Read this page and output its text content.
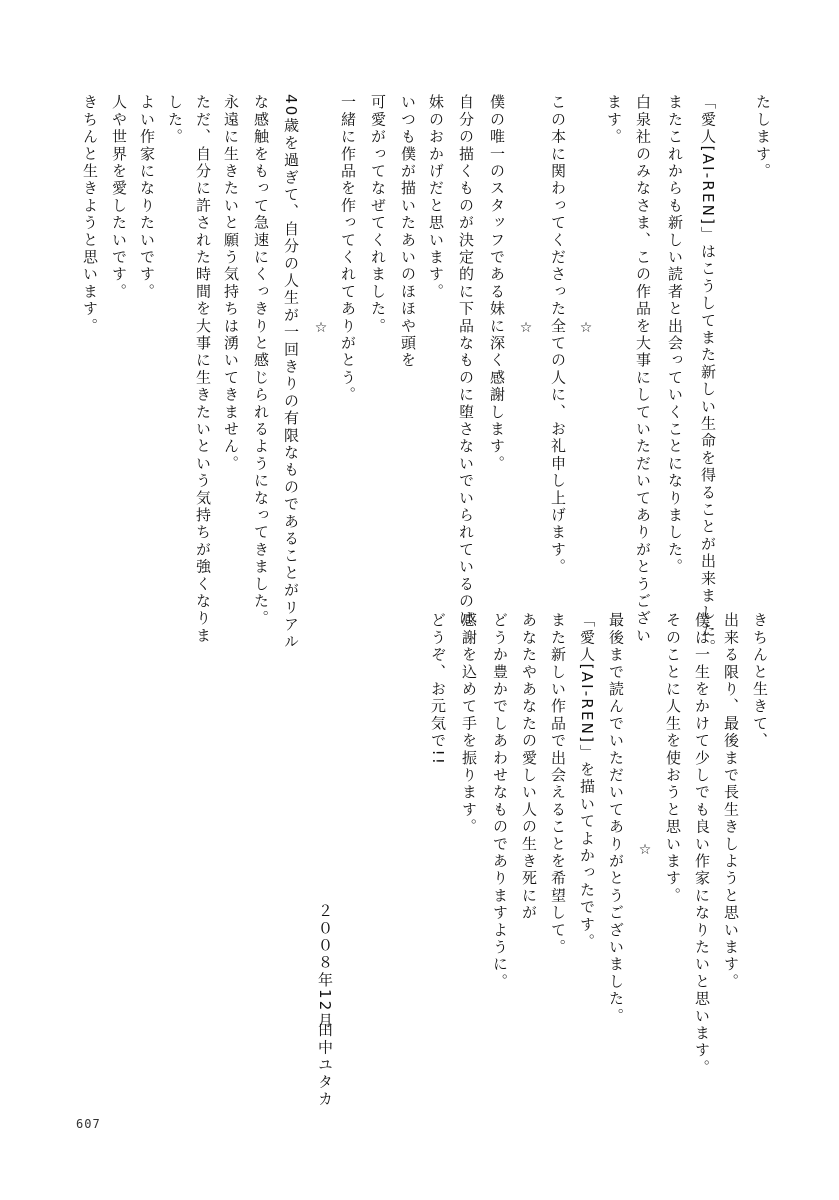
たします。
「愛人[AI-REN]」はこうしてまた新しい生命を得ることが出来ました。
またこれからも新しい読者と出会っていくことになりました。
白泉社のみなさま、この作品を大事にしていただいてありがとうござい
ます。
☆
この本に関わってくださった全ての人に、お礼申し上げます。
☆
僕の唯一のスタッフである妹に深く感謝します。
自分の描くものが決定的に下品なものに堕さないでいられているのは
妹のおかげだと思います。
いつも僕が描いたあいのほほや頭を
可愛がってなぜてくれました。
一緒に作品を作ってくれてありがとう。
☆
40歳を過ぎて、自分の人生が一回きりの有限なものであることがリアル
な感触をもって急速にくっきりと感じられるようになってきました。
永遠に生きたいと願う気持ちは湧いてきません。
ただ、自分に許された時間を大事に生きたいという気持ちが強くなりま
した。
よい作家になりたいです。
人や世界を愛したいです。
きちんと生きようと思います。
きちんと生きて、
出来る限り、最後まで長生きしようと思います。
僕は一生をかけて少しでも良い作家になりたいと思います。
そのことに人生を使おうと思います。
☆
最後まで読んでいただいてありがとうございました。
「愛人[AI-REN]」を描いてよかったです。
また新しい作品で出会えることを希望して。
あなたやあなたの愛しい人の生き死にが
どうか豊かでしあわせなものでありますように。
感謝を込めて手を振ります。
どうぞ、お元気で!!
田中ユタカ
２００８年12月
607
